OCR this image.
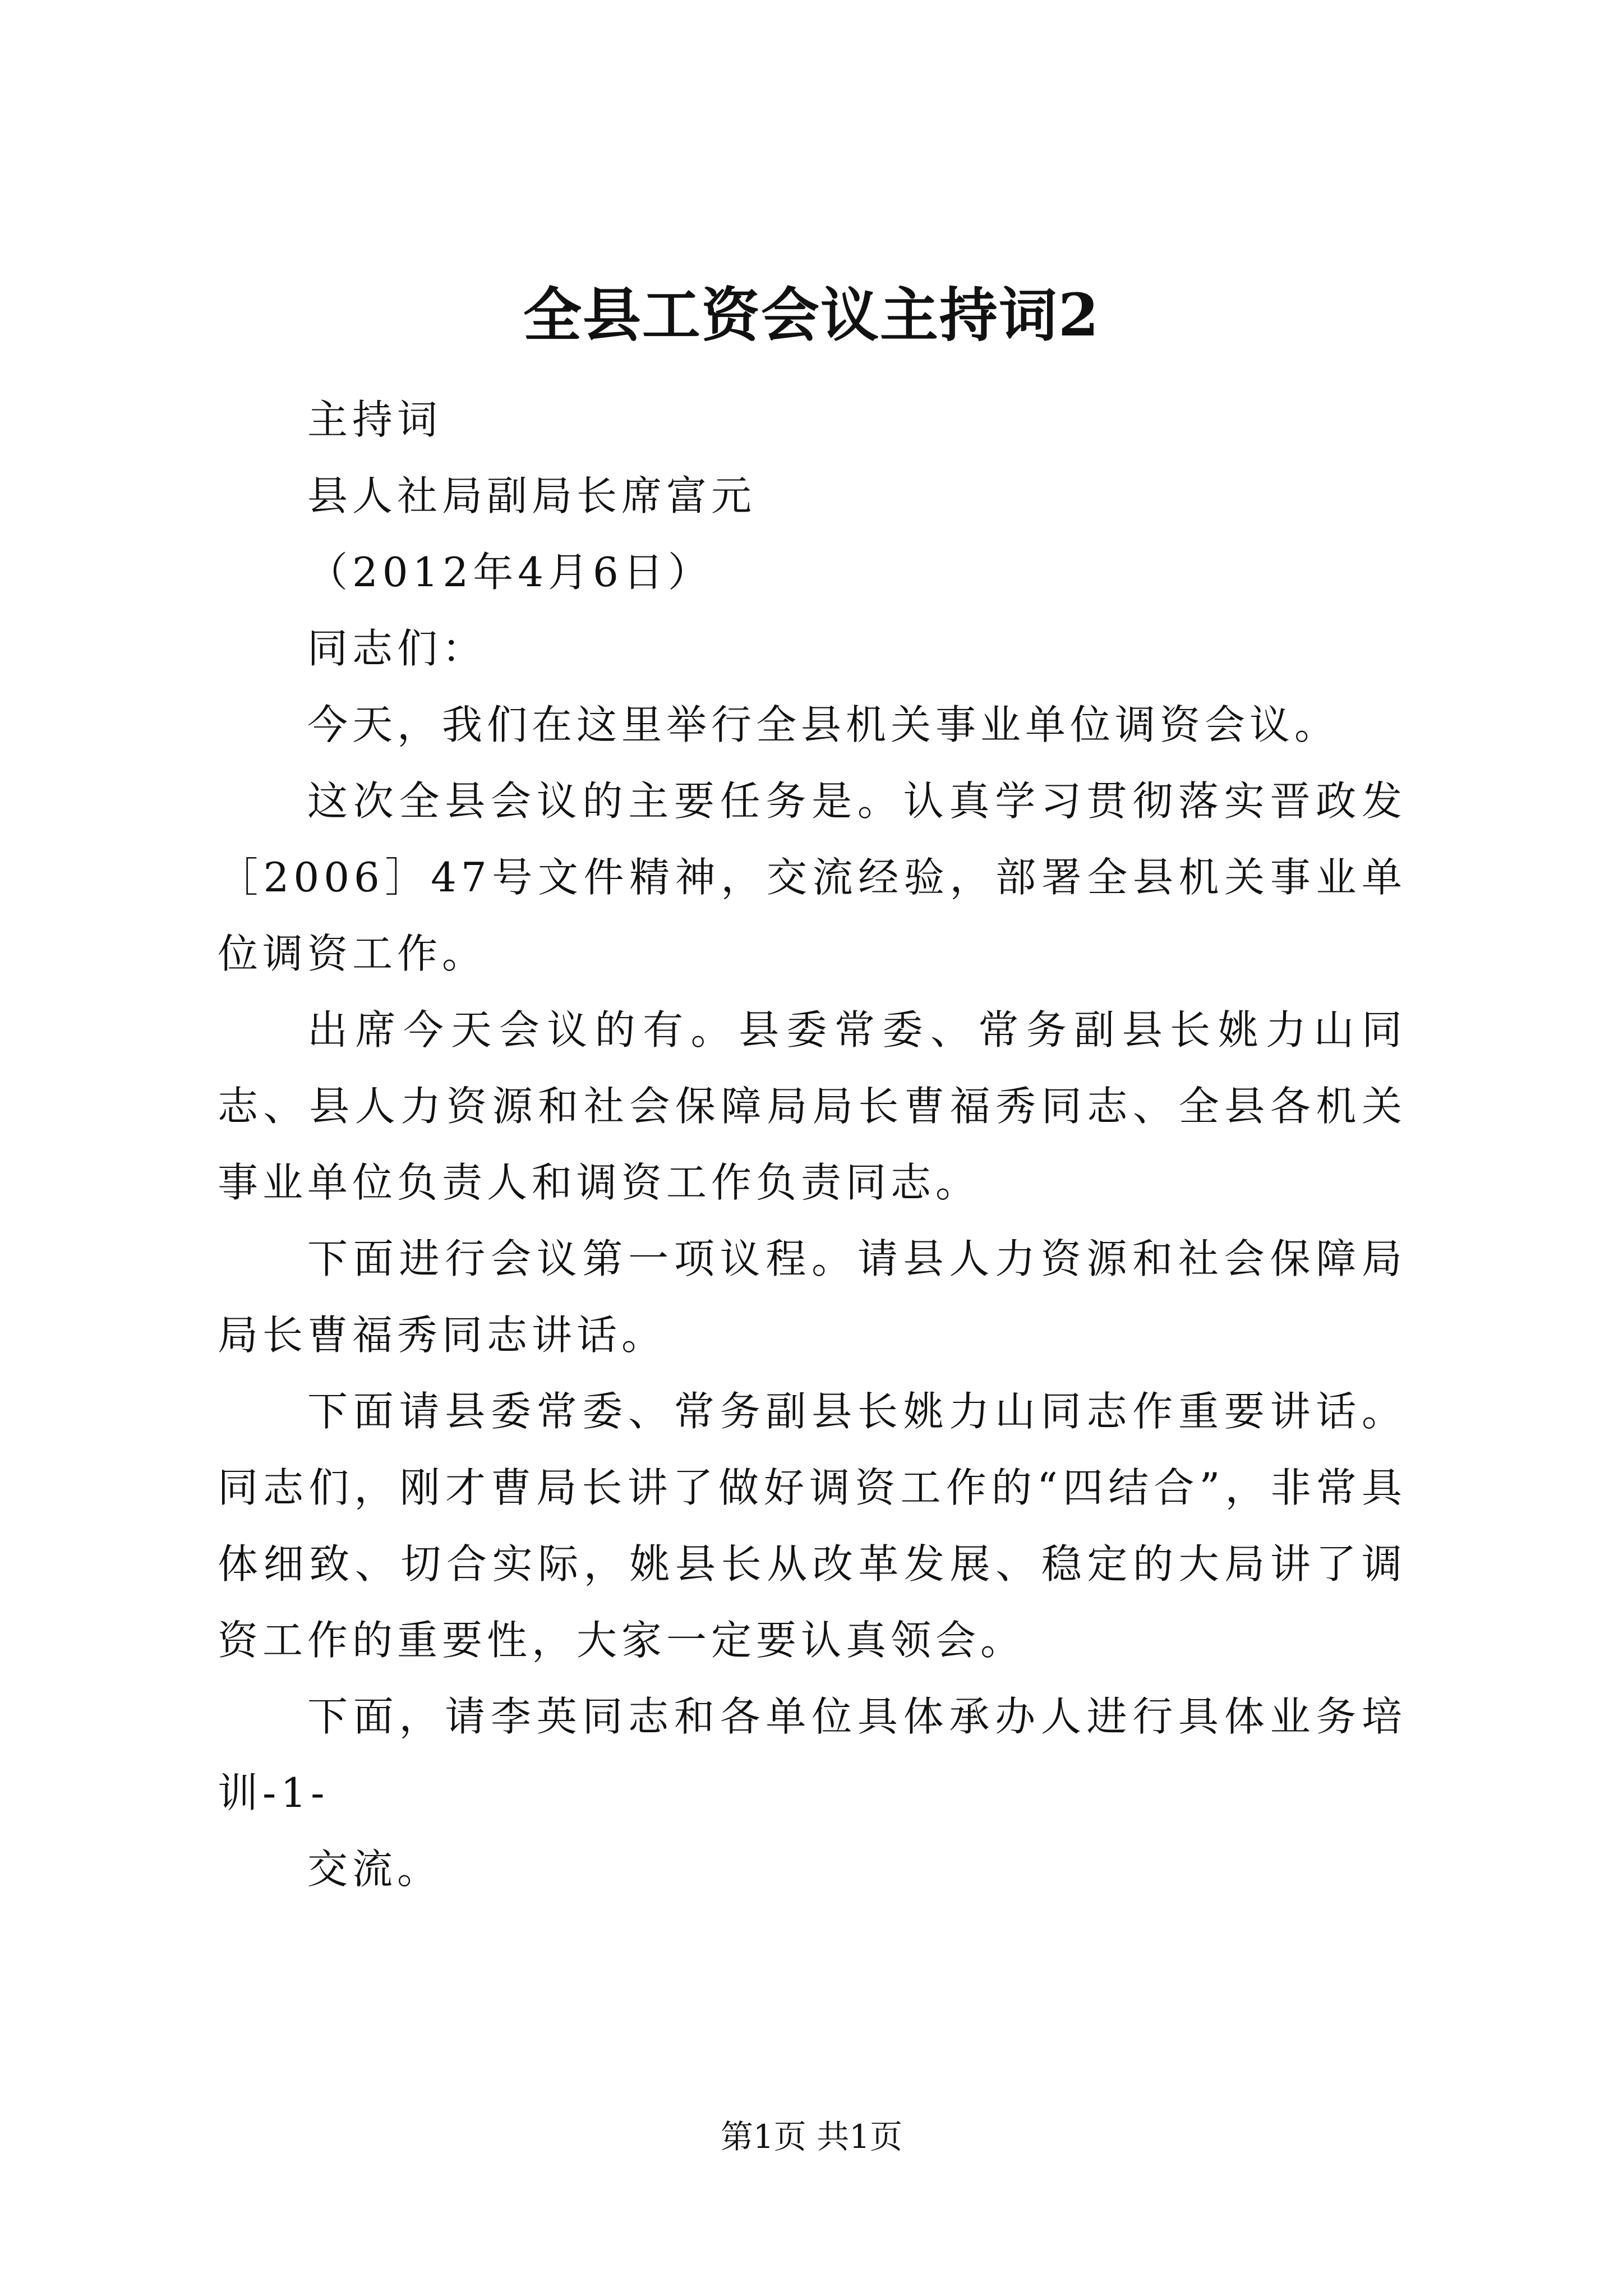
全县工资会议主持词2

主持词

县人社局副局长席富元

（2012年4月6日）

同志们：

今天，我们在这里举行全县机关事业单位调资会议。

这次全县会议的主要任务是。认真学习贯彻落实晋政发［2006］47号文件精神，交流经验，部署全县机关事业单位调资工作。

出席今天会议的有。县委常委、常务副县长姚力山同志、县人力资源和社会保障局局长曹福秀同志、全县各机关事业单位负责人和调资工作负责同志。

下面进行会议第一项议程。请县人力资源和社会保障局局长曹福秀同志讲话。

下面请县委常委、常务副县长姚力山同志作重要讲话。同志们，刚才曹局长讲了做好调资工作的“四结合”，非常具体细致、切合实际，姚县长从改革发展、稳定的大局讲了调资工作的重要性，大家一定要认真领会。

下面，请李英同志和各单位具体承办人进行具体业务培训-1-

交流。

第1页 共1页
